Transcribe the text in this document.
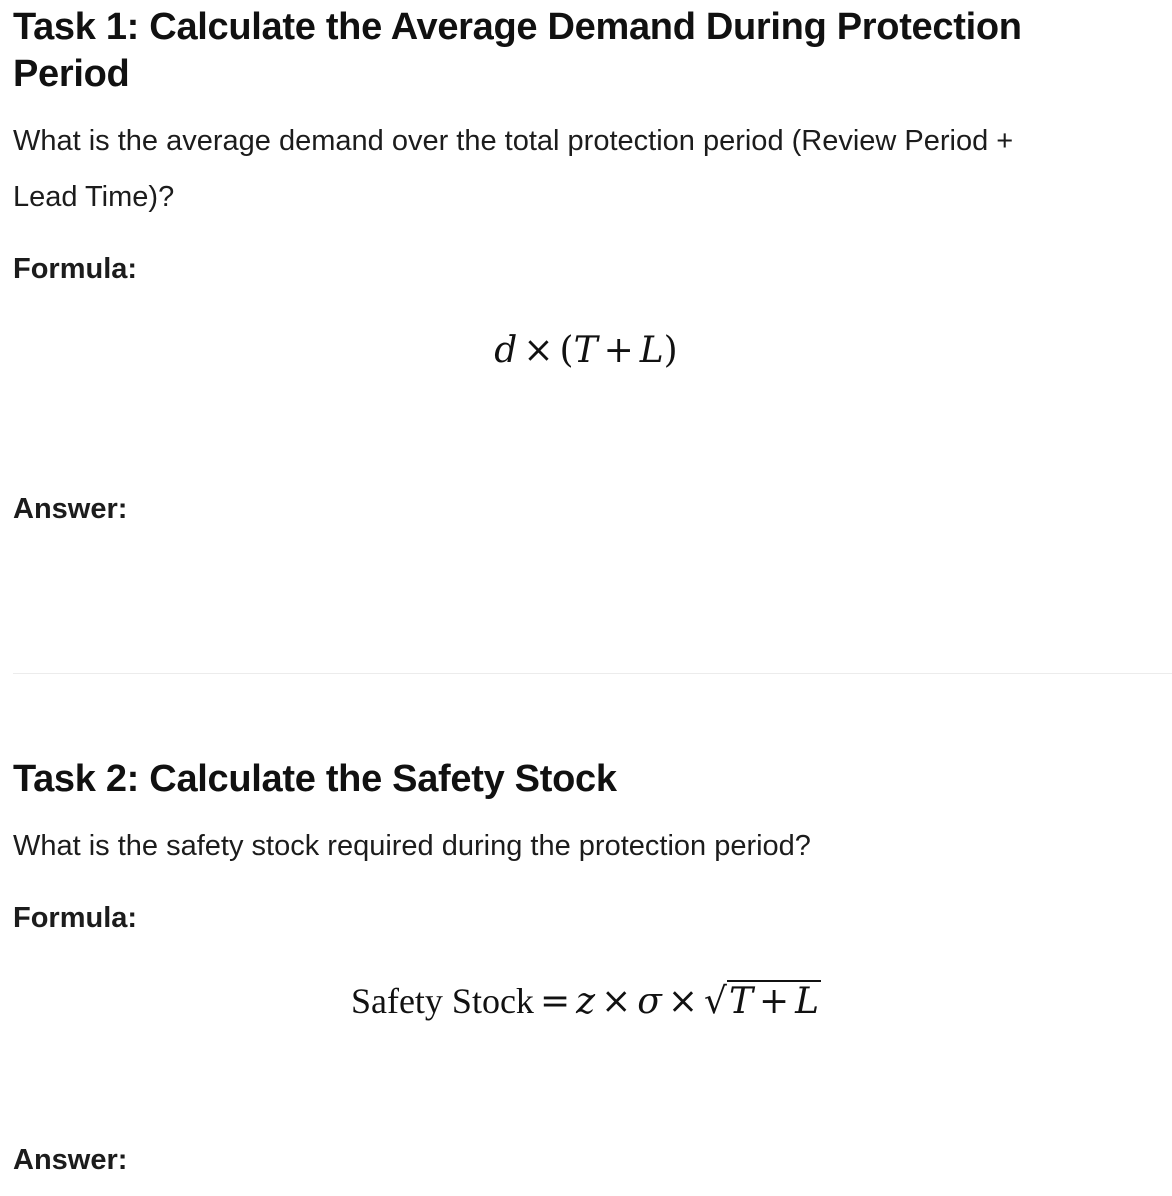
Task 1: Calculate the Average Demand During Protection
Period

What is the average demand over the total protection period (Review Period +
Lead Time)?

Formula:
d × (T + L)
Answer:
Task 2: Calculate the Safety Stock

What is the safety stock required during the protection period?

Formula:
Safety Stock = z × σ × √T + L
Answer:
